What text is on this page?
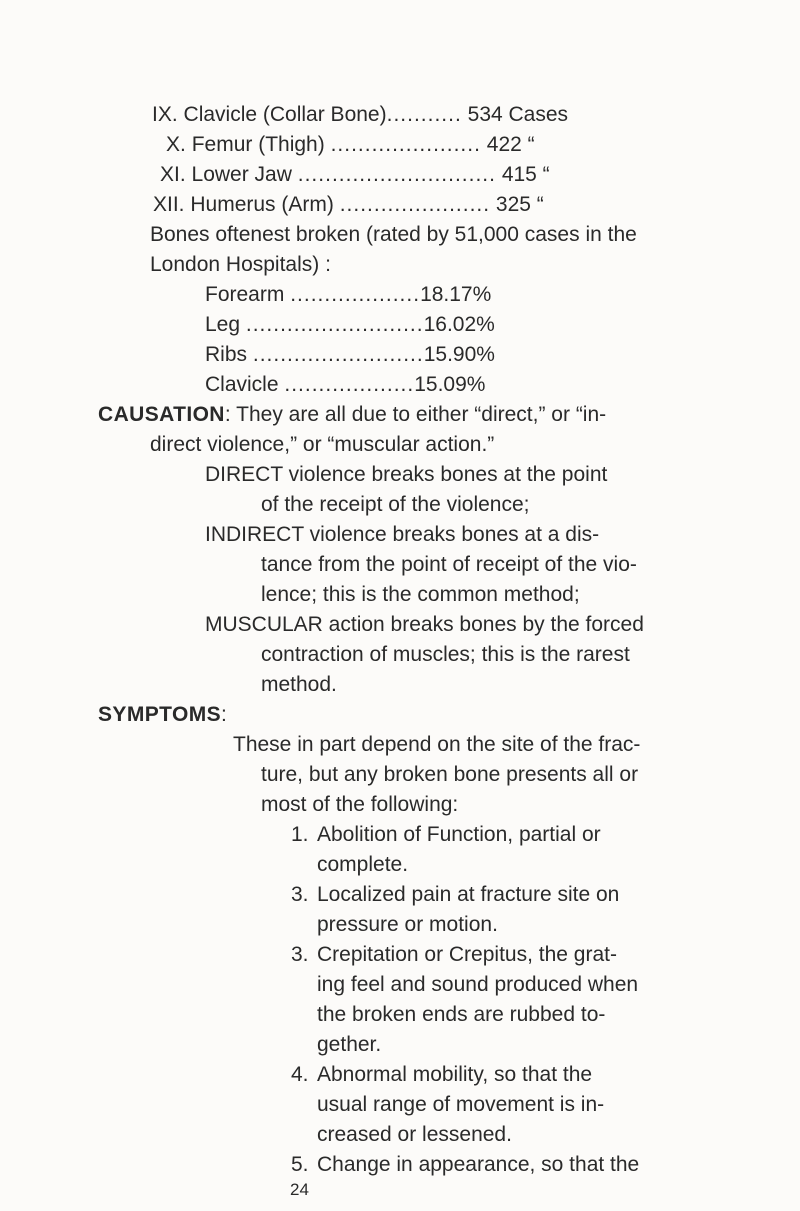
IX. Clavicle (Collar Bone)........... 534 Cases
X. Femur (Thigh) ...................... 422 “
XI. Lower Jaw ............................. 415 “
XII. Humerus (Arm) ...................... 325 “
Bones oftenest broken (rated by 51,000 cases in the
London Hospitals) :
Forearm ...................18.17%
Leg ..........................16.02%
Ribs .........................15.90%
Clavicle ...................15.09%
CAUSATION: They are all due to either “direct,” or “in-
direct violence,” or “muscular action.”
DIRECT violence breaks bones at the point
of the receipt of the violence;
INDIRECT violence breaks bones at a dis-
tance from the point of receipt of the vio-
lence; this is the common method;
MUSCULAR action breaks bones by the forced
contraction of muscles; this is the rarest
method.
SYMPTOMS:
These in part depend on the site of the frac-
ture, but any broken bone presents all or
most of the following:
1. Abolition of Function, partial or
complete.
3. Localized pain at fracture site on
pressure or motion.
3. Crepitation or Crepitus, the grat-
ing feel and sound produced when
the broken ends are rubbed to-
gether.
4. Abnormal mobility, so that the
usual range of movement is in-
creased or lessened.
5. Change in appearance, so that the
24
